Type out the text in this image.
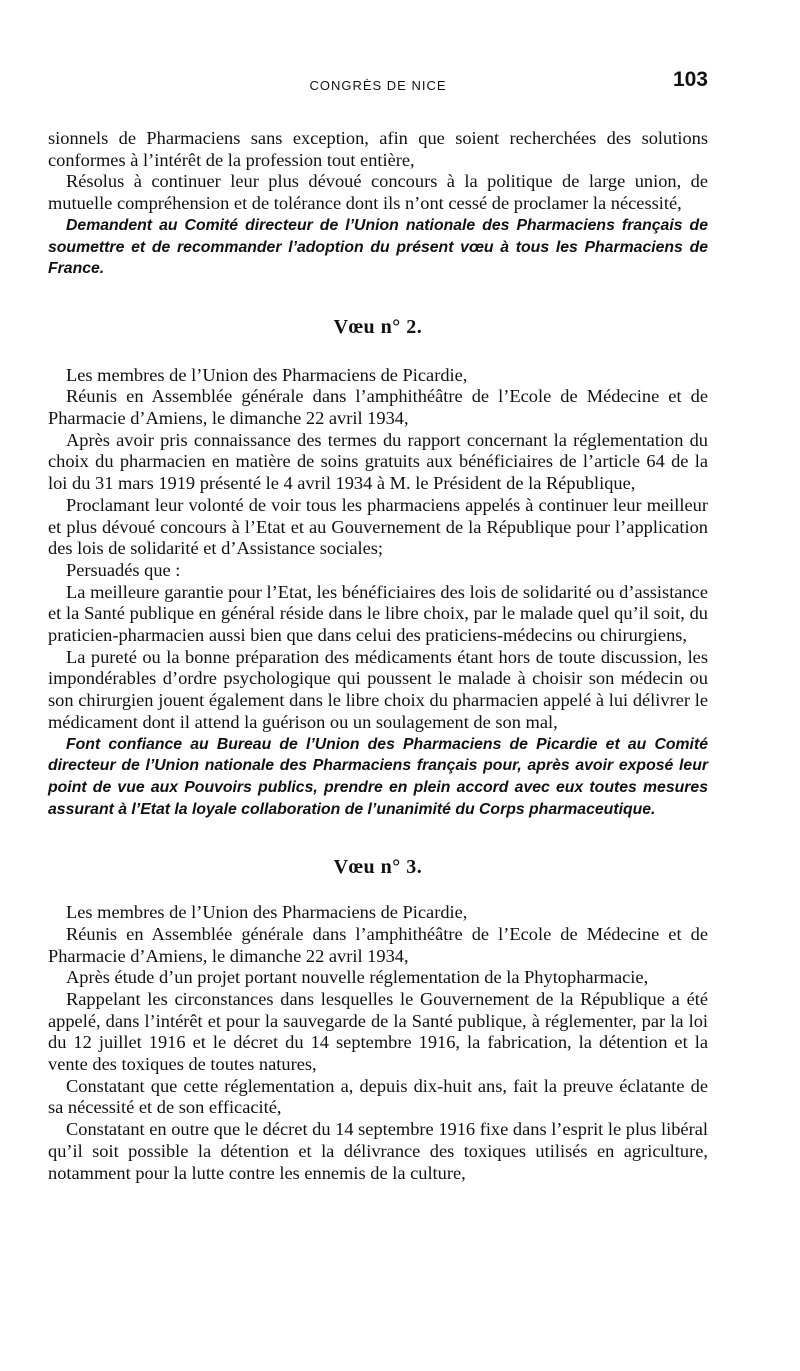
CONGRÈS DE NICE	103

sionnels de Pharmaciens sans exception, afin que soient recherchées des solutions conformes à l’intérêt de la profession tout entière,

Résolus à continuer leur plus dévoué concours à la politique de large union, de mutuelle compréhension et de tolérance dont ils n’ont cessé de proclamer la nécessité,

Demandent au Comité directeur de l’Union nationale des Pharmaciens français de soumettre et de recommander l’adoption du présent vœu à tous les Pharmaciens de France.

Vœu n° 2.

Les membres de l’Union des Pharmaciens de Picardie,

Réunis en Assemblée générale dans l’amphithéâtre de l’Ecole de Médecine et de Pharmacie d’Amiens, le dimanche 22 avril 1934,

Après avoir pris connaissance des termes du rapport concernant la réglementation du choix du pharmacien en matière de soins gratuits aux bénéficiaires de l’article 64 de la loi du 31 mars 1919 présenté le 4 avril 1934 à M. le Président de la République,

Proclamant leur volonté de voir tous les pharmaciens appelés à continuer leur meilleur et plus dévoué concours à l’Etat et au Gouvernement de la République pour l’application des lois de solidarité et d’Assistance sociales;

Persuadés que :

La meilleure garantie pour l’Etat, les bénéficiaires des lois de solidarité ou d’assistance et la Santé publique en général réside dans le libre choix, par le malade quel qu’il soit, du praticien-pharmacien aussi bien que dans celui des praticiens-médecins ou chirurgiens,

La pureté ou la bonne préparation des médicaments étant hors de toute discussion, les impondérables d’ordre psychologique qui poussent le malade à choisir son médecin ou son chirurgien jouent également dans le libre choix du pharmacien appelé à lui délivrer le médicament dont il attend la guérison ou un soulagement de son mal,

Font confiance au Bureau de l’Union des Pharmaciens de Picardie et au Comité directeur de l’Union nationale des Pharmaciens français pour, après avoir exposé leur point de vue aux Pouvoirs publics, prendre en plein accord avec eux toutes mesures assurant à l’Etat la loyale collaboration de l’unanimité du Corps pharmaceutique.

Vœu n° 3.

Les membres de l’Union des Pharmaciens de Picardie,

Réunis en Assemblée générale dans l’amphithéâtre de l’Ecole de Médecine et de Pharmacie d’Amiens, le dimanche 22 avril 1934,

Après étude d’un projet portant nouvelle réglementation de la Phytopharmacie,

Rappelant les circonstances dans lesquelles le Gouvernement de la République a été appelé, dans l’intérêt et pour la sauvegarde de la Santé publique, à réglementer, par la loi du 12 juillet 1916 et le décret du 14 septembre 1916, la fabrication, la détention et la vente des toxiques de toutes natures,

Constatant que cette réglementation a, depuis dix-huit ans, fait la preuve éclatante de sa nécessité et de son efficacité,

Constatant en outre que le décret du 14 septembre 1916 fixe dans l’esprit le plus libéral qu’il soit possible la détention et la délivrance des toxiques utilisés en agriculture, notamment pour la lutte contre les ennemis de la culture,
